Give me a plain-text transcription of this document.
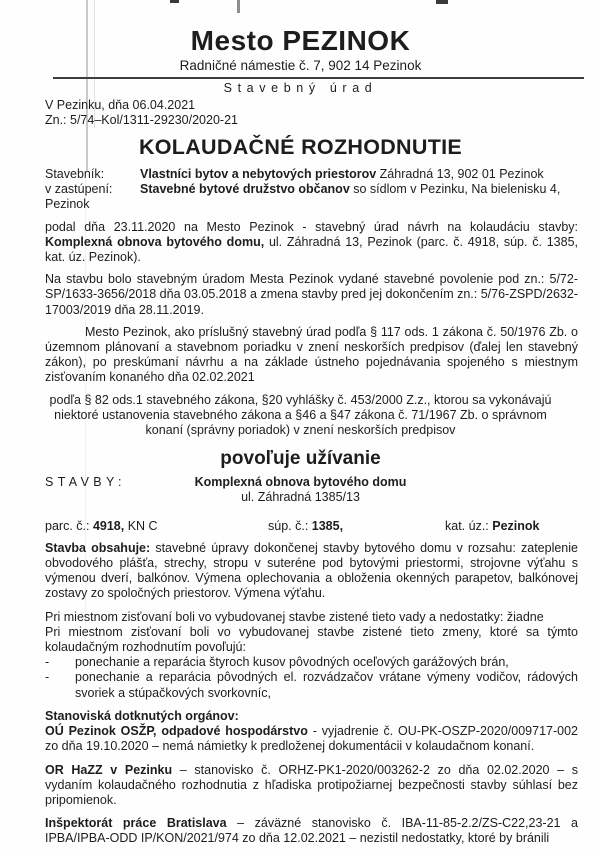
Mesto PEZINOK
Radničné námestie č. 7, 902 14 Pezinok
Stavebný úrad
V Pezinku, dňa 06.04.2021
Zn.: 5/74–Kol/1311-29230/2020-21
KOLAUDAČNÉ ROZHODNUTIE
Stavebník:	Vlastníci bytov a nebytových priestorov Záhradná 13, 902 01 Pezinok
v zastúpení:	Stavebné bytové družstvo občanov so sídlom v Pezinku, Na bielenisku 4,
Pezinok

podal dňa 23.11.2020 na Mesto Pezinok - stavebný úrad návrh na kolaudáciu stavby: Komplexná obnova bytového domu, ul. Záhradná 13, Pezinok (parc. č. 4918, súp. č. 1385, kat. úz. Pezinok).

Na stavbu bolo stavebným úradom Mesta Pezinok vydané stavebné povolenie pod zn.: 5/72-SP/1633-3656/2018 dňa 03.05.2018 a zmena stavby pred jej dokončením zn.: 5/76-ZSPD/2632-17003/2019 dňa 28.11.2019.

Mesto Pezinok, ako príslušný stavebný úrad podľa § 117 ods. 1 zákona č. 50/1976 Zb. o územnom plánovaní a stavebnom poriadku v znení neskorších predpisov (ďalej len stavebný zákon), po preskúmaní návrhu a na základe ústneho pojednávania spojeného s miestnym zisťovaním konaného dňa 02.02.2021

podľa § 82 ods.1 stavebného zákona, §20 vyhlášky č. 453/2000 Z.z., ktorou sa vykonávajú niektoré ustanovenia stavebného zákona a §46 a §47 zákona č. 71/1967 Zb. o správnom konaní (správny poriadok) v znení neskorších predpisov

povoľuje užívanie
STAVBY:	Komplexná obnova bytového domu
ul. Záhradná 1385/13
parc. č.: 4918, KN C	súp. č.: 1385,	kat. úz.: Pezinok

Stavba obsahuje: stavebné úpravy dokončenej stavby bytového domu v rozsahu: zateplenie obvodového plášťa, strechy, stropu v suteréne pod bytovými priestormi, strojovne výťahu s výmenou dverí, balkónov. Výmena oplechovania a obloženia okenných parapetov, balkónovej zostavy zo spoločných priestorov. Výmena výťahu.

Pri miestnom zisťovaní boli vo vybudovanej stavbe zistené tieto vady a nedostatky: žiadne
Pri miestnom zisťovaní boli vo vybudovanej stavbe zistené tieto zmeny, ktoré sa týmto kolaudačným rozhodnutím povoľujú:

-	ponechanie a reparácia štyroch kusov pôvodných oceľových garážových brán,
-	ponechanie a reparácia pôvodných el. rozvádzačov vrátane výmeny vodičov, rádových svoriek a stúpačkových svorkovníc,
Stanoviská dotknutých orgánov:

OÚ Pezinok OSŽP, odpadové hospodárstvo - vyjadrenie č. OU-PK-OSZP-2020/009717-002 zo dňa 19.10.2020 – nemá námietky k predloženej dokumentácii v kolaudačnom konaní.

OR HaZZ v Pezinku – stanovisko č. ORHZ-PK1-2020/003262-2 zo dňa 02.02.2020 – s vydaním kolaudačného rozhodnutia z hľadiska protipožiarnej bezpečnosti stavby súhlasí bez pripomienok.

Inšpektorát práce Bratislava – záväzné stanovisko č. IBA-11-85-2.2/ZS-C22,23-21 a IPBA/IPBA-ODD IP/KON/2021/974 zo dňa 12.02.2021 – nezistil nedostatky, ktoré by bránili
